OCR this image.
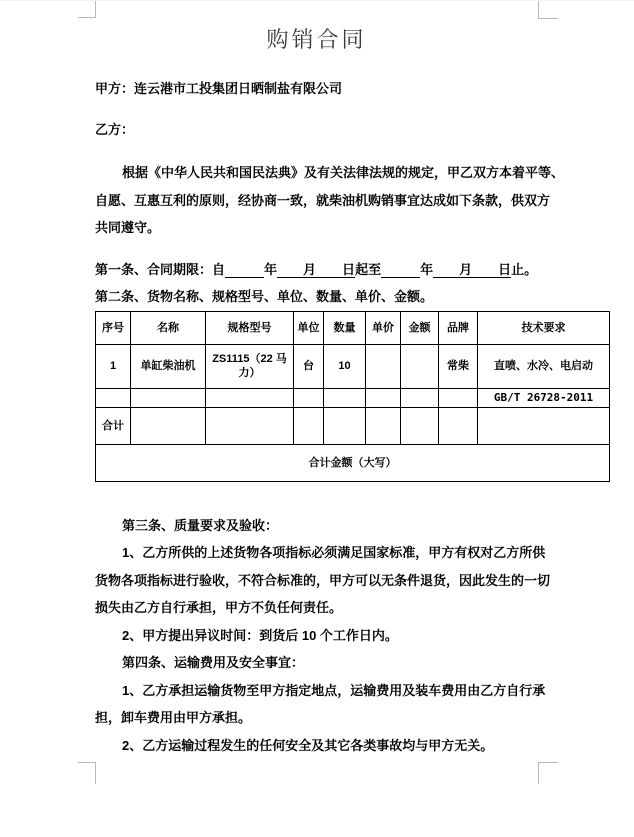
购销合同
甲方：连云港市工投集团日晒制盐有限公司
乙方：
根据《中华人民共和国民法典》及有关法律法规的规定，甲乙双方本着平等、
自愿、互惠互利的原则，经协商一致，就柴油机购销事宜达成如下条款，供双方
共同遵守。
第一条、合同期限：自　　　	年　　月　　日起至　　　	年　　月　　日止。
第二条、货物名称、规格型号、单位、数量、单价、金额。
序号	名称	规格型号	单位	数量	单价	金额	品牌	技术要求
1	单缸柴油机	ZS1115（22 马力）	台	10			常柴	直喷、水冷、电启动
								GB/T 26728-2011
合计								
合计金额（大写）								
第三条、质量要求及验收：
1、乙方所供的上述货物各项指标必须满足国家标准，甲方有权对乙方所供
货物各项指标进行验收，不符合标准的，甲方可以无条件退货，因此发生的一切
损失由乙方自行承担，甲方不负任何责任。
2、甲方提出异议时间：到货后 10 个工作日内。
第四条、运输费用及安全事宜：
1、乙方承担运输货物至甲方指定地点，运输费用及装车费用由乙方自行承
担，卸车费用由甲方承担。
2、乙方运输过程发生的任何安全及其它各类事故均与甲方无关。
